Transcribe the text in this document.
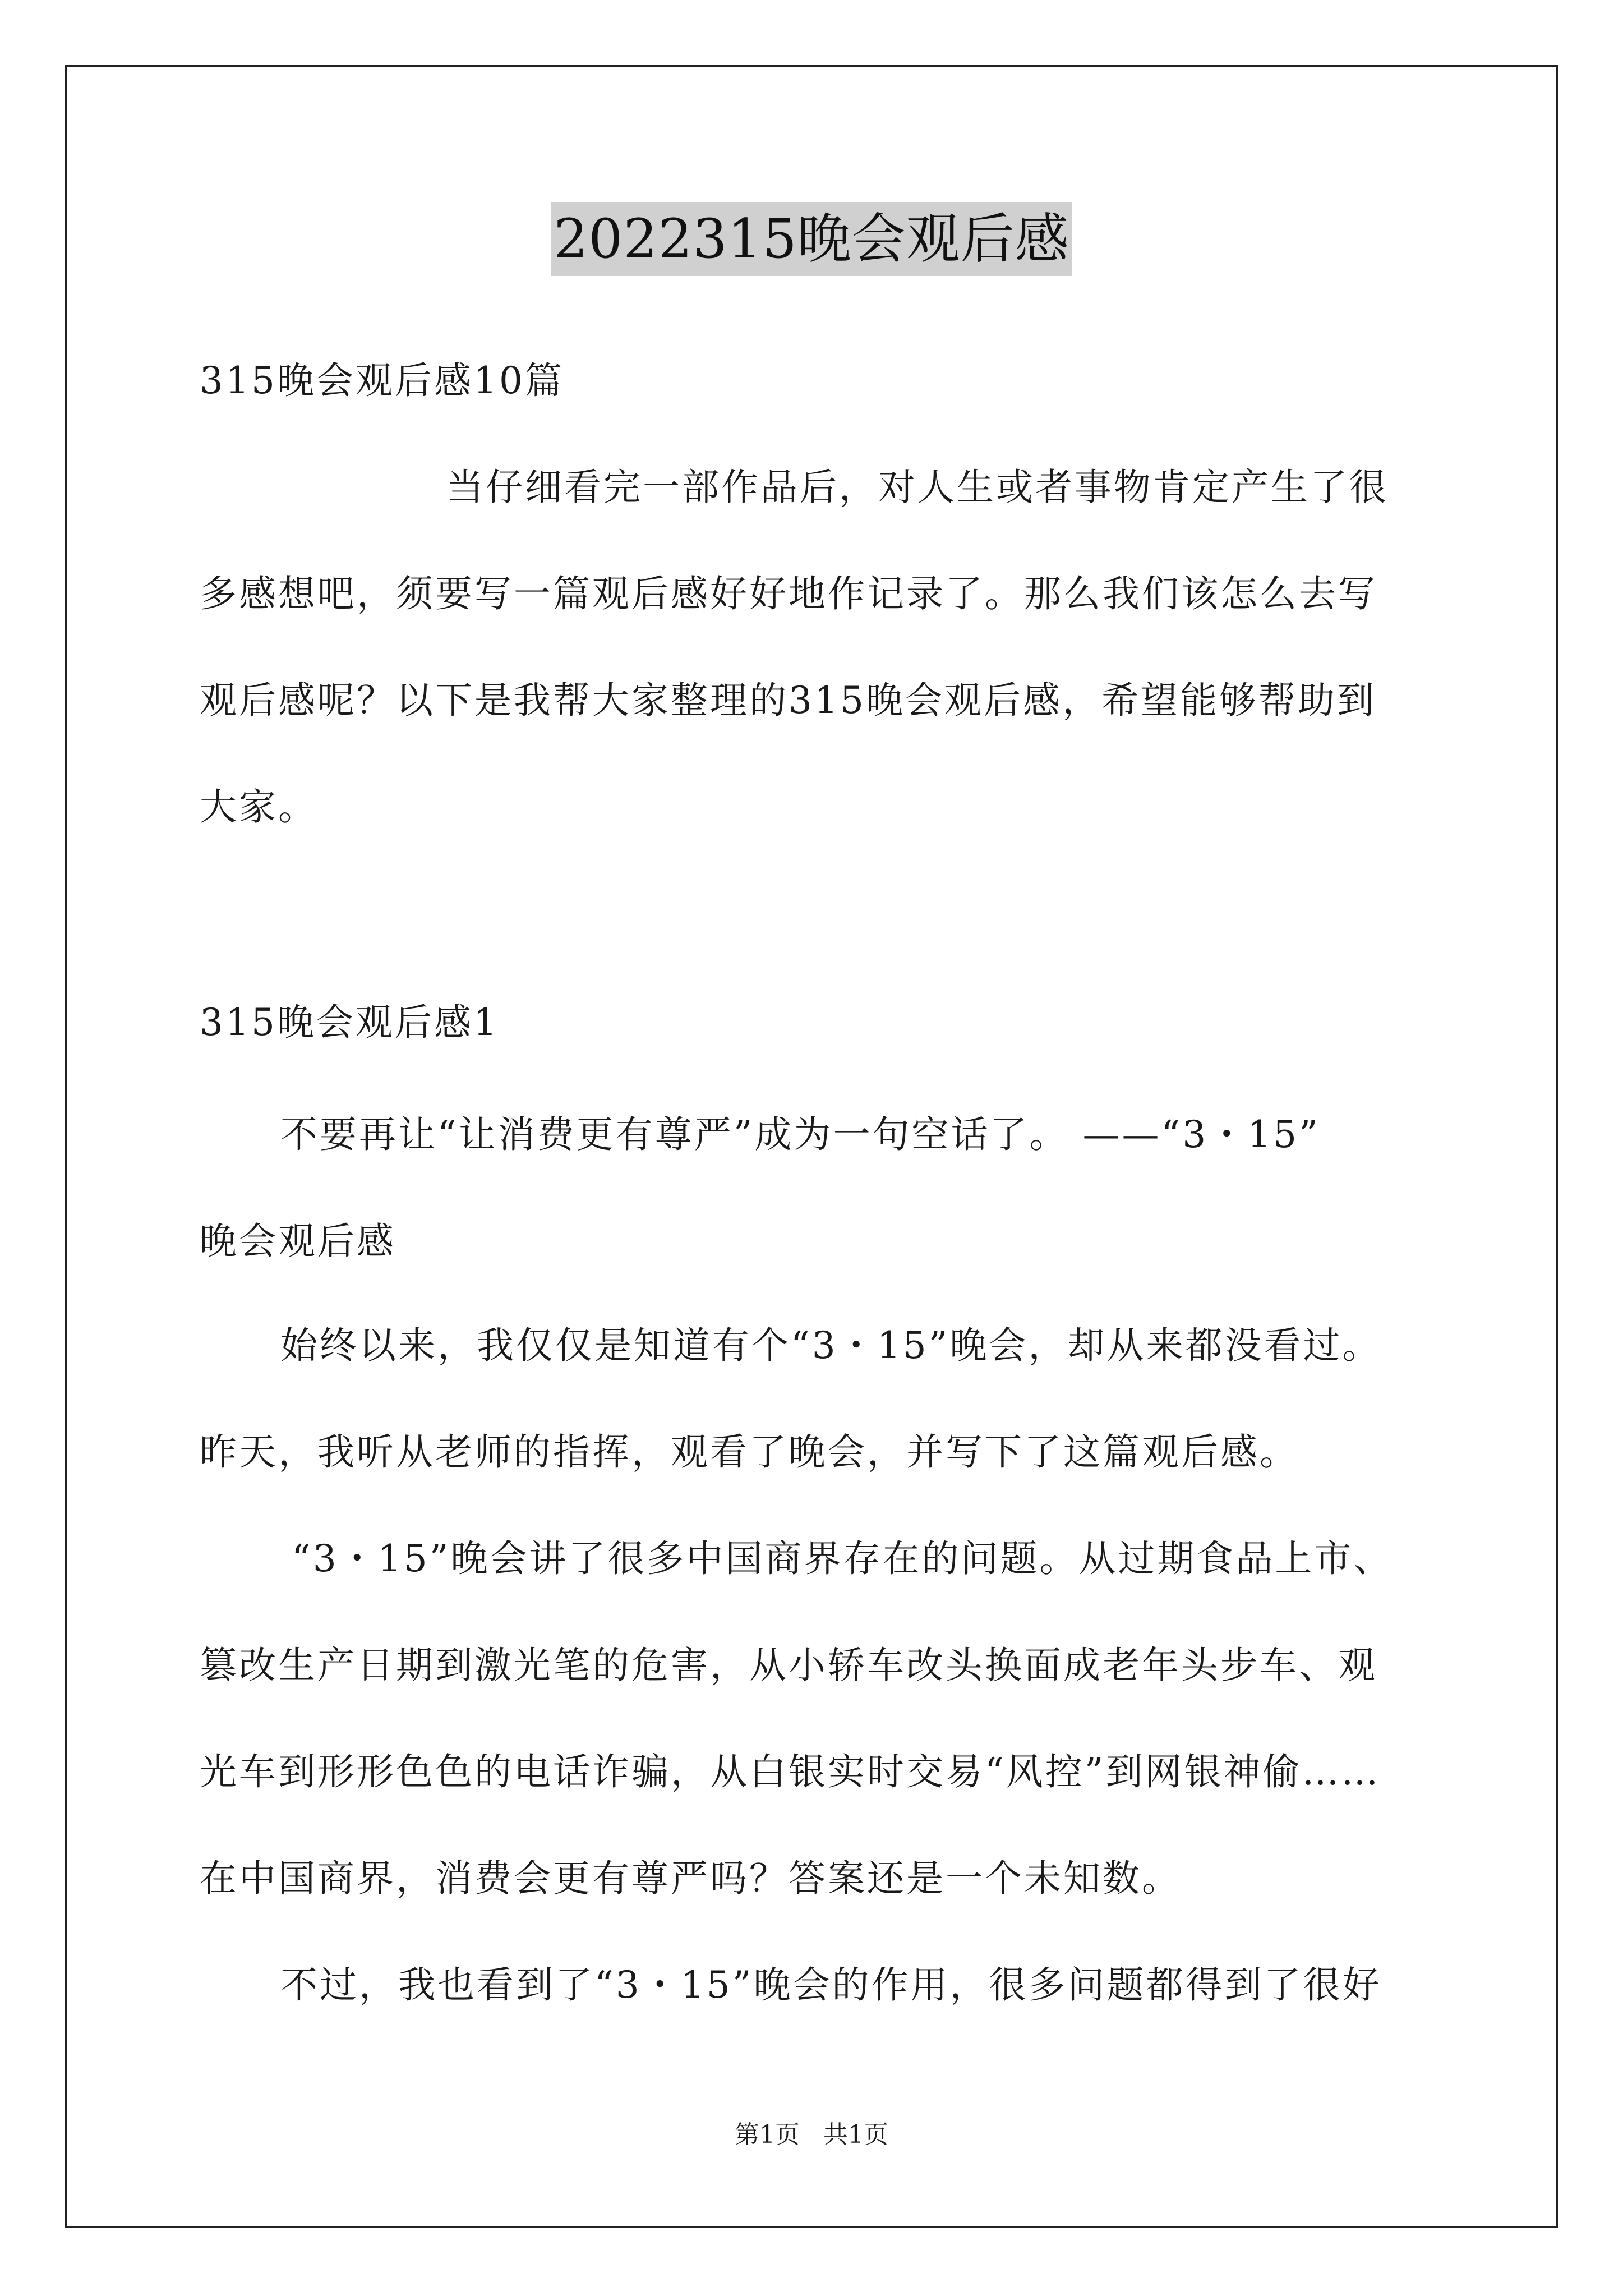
2022315晚会观后感
315晚会观后感10篇
当仔细看完一部作品后，对人生或者事物肯定产生了很
多感想吧，须要写一篇观后感好好地作记录了。那么我们该怎么去写
观后感呢？以下是我帮大家整理的315晚会观后感，希望能够帮助到
大家。
315晚会观后感1
不要再让“让消费更有尊严”成为一句空话了。 ——“3・15”
晚会观后感
始终以来，我仅仅是知道有个“3・15”晚会，却从来都没看过。
昨天，我听从老师的指挥，观看了晚会，并写下了这篇观后感。
“3・15”晚会讲了很多中国商界存在的问题。从过期食品上市、
篡改生产日期到激光笔的危害，从小轿车改头换面成老年头步车、观
光车到形形色色的电话诈骗，从白银实时交易“风控”到网银神偷……
在中国商界，消费会更有尊严吗？答案还是一个未知数。
不过，我也看到了“3・15”晚会的作用，很多问题都得到了很好
第1页   共1页
